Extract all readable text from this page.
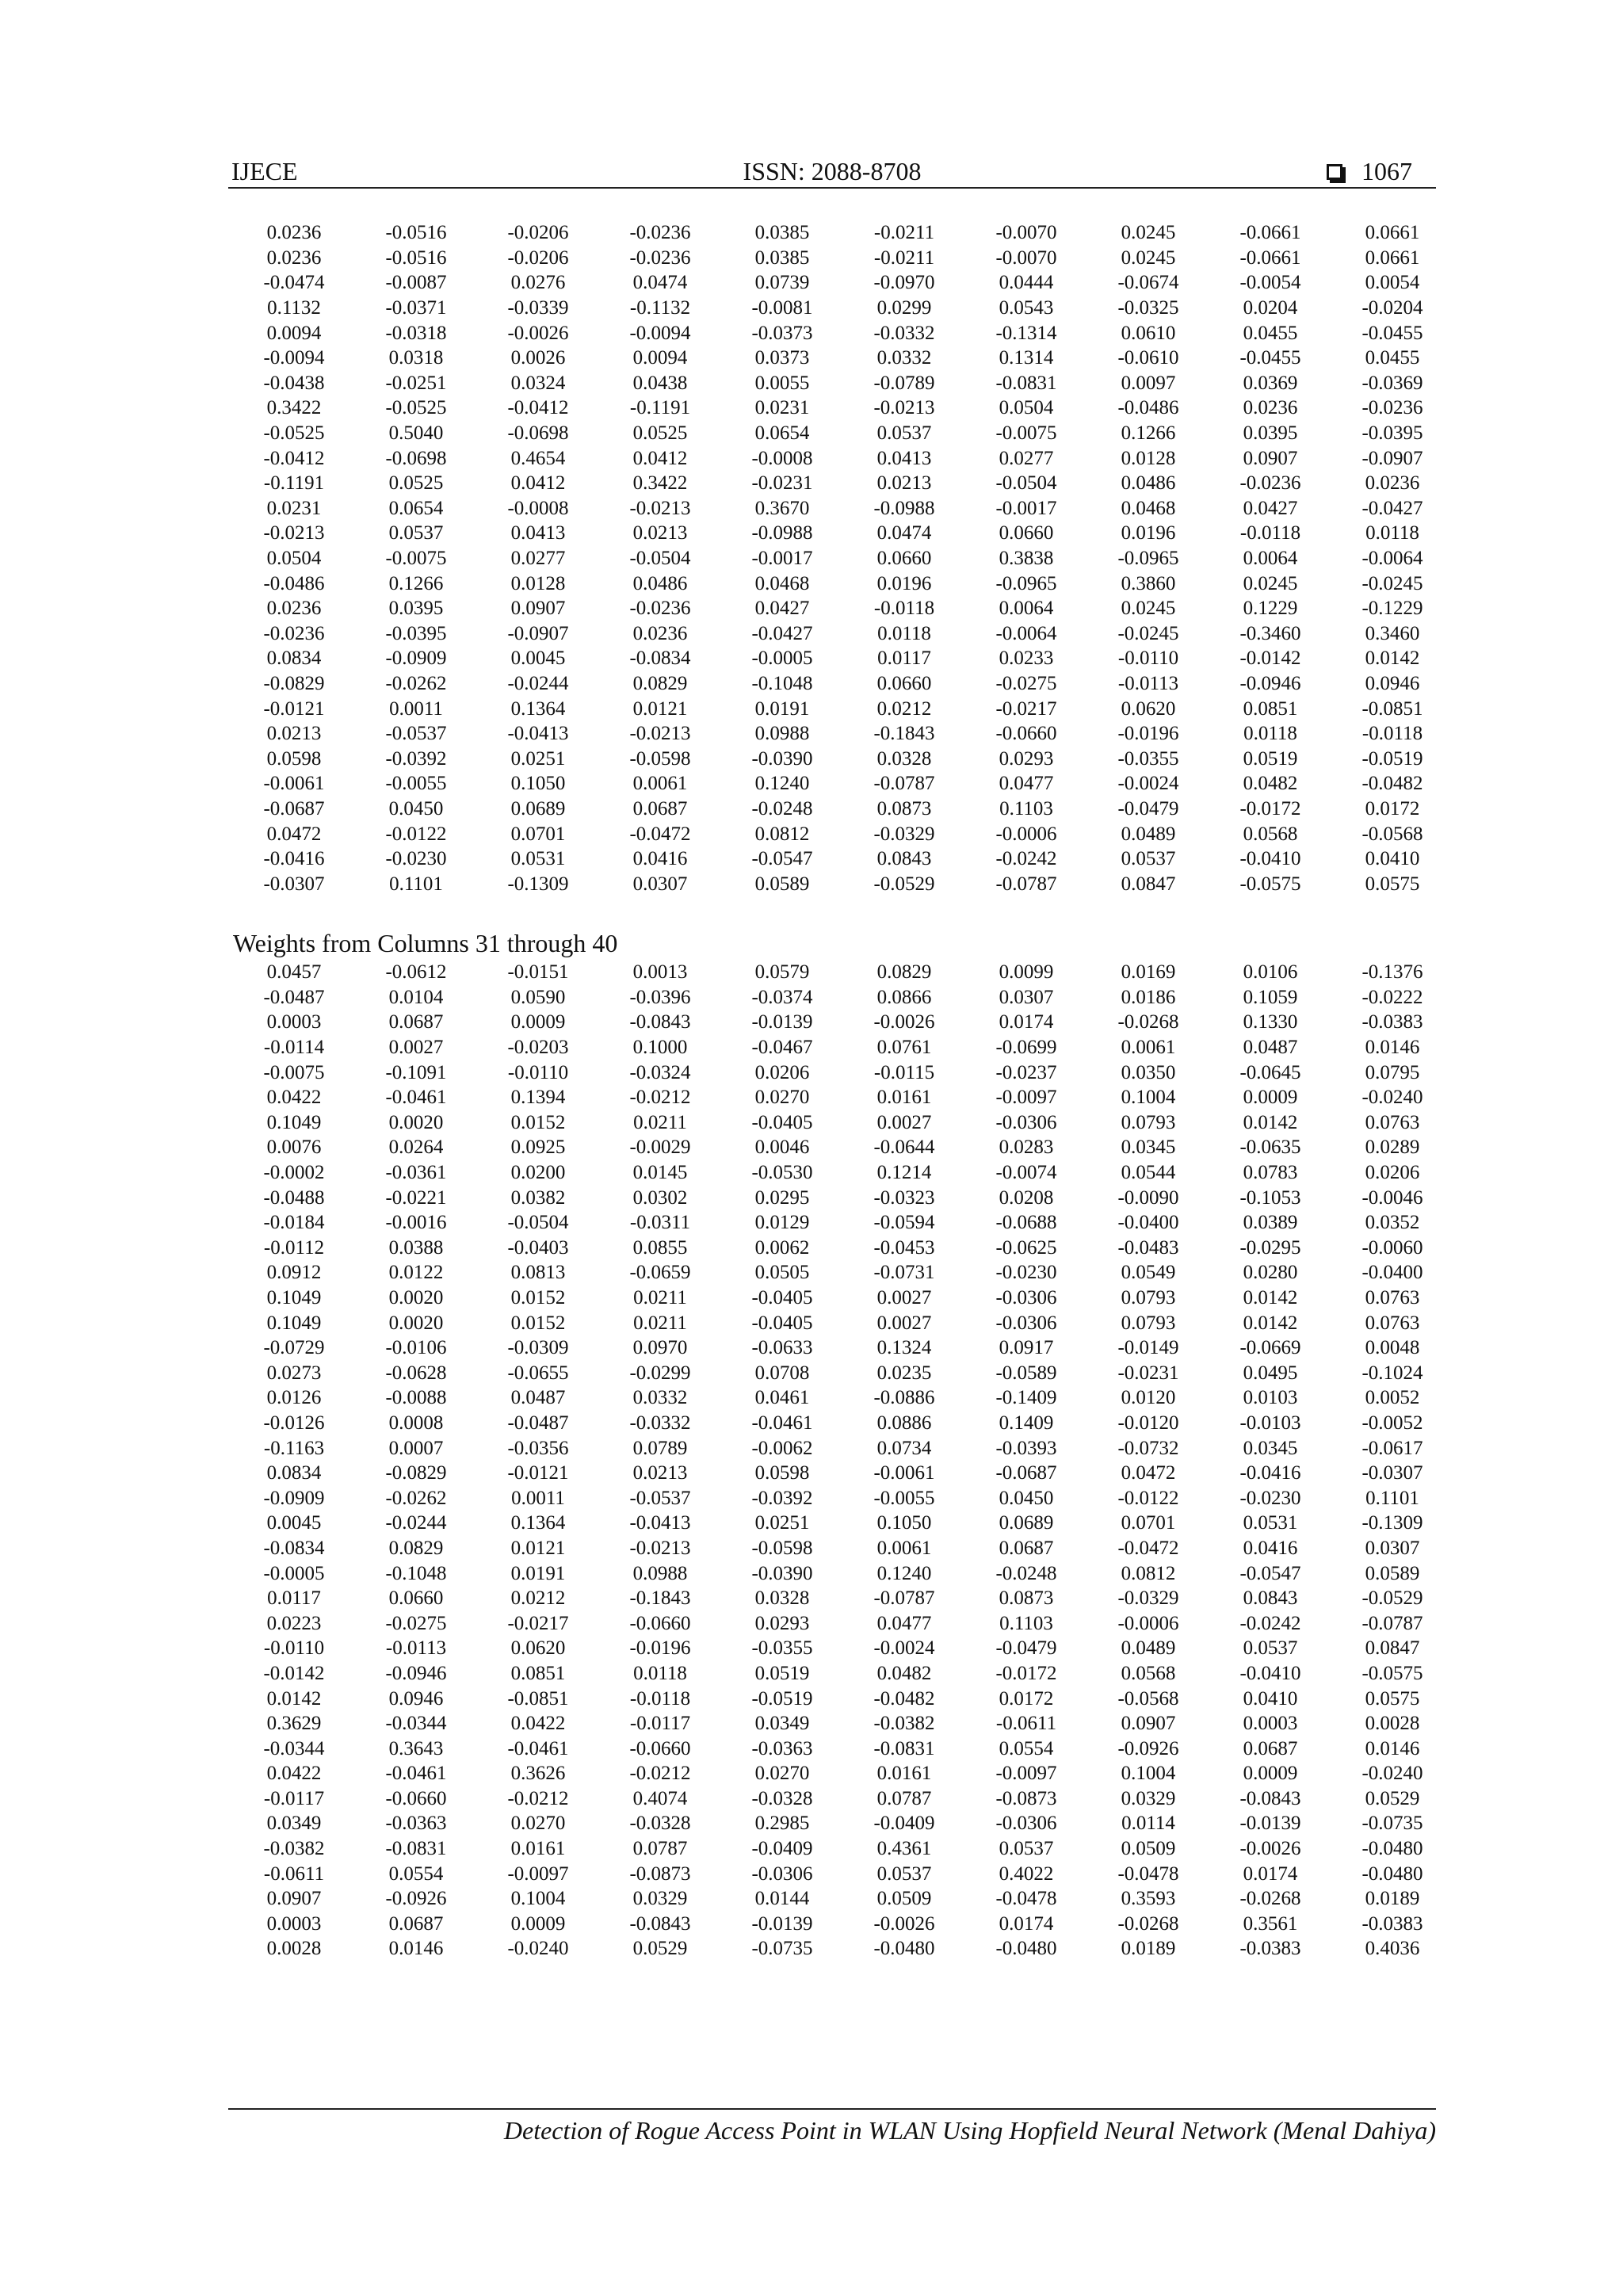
IJECE	ISSN: 2088-8708	1067
0.0236	-0.0516	-0.0206	-0.0236	0.0385	-0.0211	-0.0070	0.0245	-0.0661	0.0661
0.0236	-0.0516	-0.0206	-0.0236	0.0385	-0.0211	-0.0070	0.0245	-0.0661	0.0661
-0.0474	-0.0087	0.0276	0.0474	0.0739	-0.0970	0.0444	-0.0674	-0.0054	0.0054
0.1132	-0.0371	-0.0339	-0.1132	-0.0081	0.0299	0.0543	-0.0325	0.0204	-0.0204
0.0094	-0.0318	-0.0026	-0.0094	-0.0373	-0.0332	-0.1314	0.0610	0.0455	-0.0455
-0.0094	0.0318	0.0026	0.0094	0.0373	0.0332	0.1314	-0.0610	-0.0455	0.0455
-0.0438	-0.0251	0.0324	0.0438	0.0055	-0.0789	-0.0831	0.0097	0.0369	-0.0369
0.3422	-0.0525	-0.0412	-0.1191	0.0231	-0.0213	0.0504	-0.0486	0.0236	-0.0236
-0.0525	0.5040	-0.0698	0.0525	0.0654	0.0537	-0.0075	0.1266	0.0395	-0.0395
-0.0412	-0.0698	0.4654	0.0412	-0.0008	0.0413	0.0277	0.0128	0.0907	-0.0907
-0.1191	0.0525	0.0412	0.3422	-0.0231	0.0213	-0.0504	0.0486	-0.0236	0.0236
0.0231	0.0654	-0.0008	-0.0213	0.3670	-0.0988	-0.0017	0.0468	0.0427	-0.0427
-0.0213	0.0537	0.0413	0.0213	-0.0988	0.0474	0.0660	0.0196	-0.0118	0.0118
0.0504	-0.0075	0.0277	-0.0504	-0.0017	0.0660	0.3838	-0.0965	0.0064	-0.0064
-0.0486	0.1266	0.0128	0.0486	0.0468	0.0196	-0.0965	0.3860	0.0245	-0.0245
0.0236	0.0395	0.0907	-0.0236	0.0427	-0.0118	0.0064	0.0245	0.1229	-0.1229
-0.0236	-0.0395	-0.0907	0.0236	-0.0427	0.0118	-0.0064	-0.0245	-0.3460	0.3460
0.0834	-0.0909	0.0045	-0.0834	-0.0005	0.0117	0.0233	-0.0110	-0.0142	0.0142
-0.0829	-0.0262	-0.0244	0.0829	-0.1048	0.0660	-0.0275	-0.0113	-0.0946	0.0946
-0.0121	0.0011	0.1364	0.0121	0.0191	0.0212	-0.0217	0.0620	0.0851	-0.0851
0.0213	-0.0537	-0.0413	-0.0213	0.0988	-0.1843	-0.0660	-0.0196	0.0118	-0.0118
0.0598	-0.0392	0.0251	-0.0598	-0.0390	0.0328	0.0293	-0.0355	0.0519	-0.0519
-0.0061	-0.0055	0.1050	0.0061	0.1240	-0.0787	0.0477	-0.0024	0.0482	-0.0482
-0.0687	0.0450	0.0689	0.0687	-0.0248	0.0873	0.1103	-0.0479	-0.0172	0.0172
0.0472	-0.0122	0.0701	-0.0472	0.0812	-0.0329	-0.0006	0.0489	0.0568	-0.0568
-0.0416	-0.0230	0.0531	0.0416	-0.0547	0.0843	-0.0242	0.0537	-0.0410	0.0410
-0.0307	0.1101	-0.1309	0.0307	0.0589	-0.0529	-0.0787	0.0847	-0.0575	0.0575
Weights from Columns 31 through 40
0.0457	-0.0612	-0.0151	0.0013	0.0579	0.0829	0.0099	0.0169	0.0106	-0.1376
-0.0487	0.0104	0.0590	-0.0396	-0.0374	0.0866	0.0307	0.0186	0.1059	-0.0222
0.0003	0.0687	0.0009	-0.0843	-0.0139	-0.0026	0.0174	-0.0268	0.1330	-0.0383
-0.0114	0.0027	-0.0203	0.1000	-0.0467	0.0761	-0.0699	0.0061	0.0487	0.0146
-0.0075	-0.1091	-0.0110	-0.0324	0.0206	-0.0115	-0.0237	0.0350	-0.0645	0.0795
0.0422	-0.0461	0.1394	-0.0212	0.0270	0.0161	-0.0097	0.1004	0.0009	-0.0240
0.1049	0.0020	0.0152	0.0211	-0.0405	0.0027	-0.0306	0.0793	0.0142	0.0763
0.0076	0.0264	0.0925	-0.0029	0.0046	-0.0644	0.0283	0.0345	-0.0635	0.0289
-0.0002	-0.0361	0.0200	0.0145	-0.0530	0.1214	-0.0074	0.0544	0.0783	0.0206
-0.0488	-0.0221	0.0382	0.0302	0.0295	-0.0323	0.0208	-0.0090	-0.1053	-0.0046
-0.0184	-0.0016	-0.0504	-0.0311	0.0129	-0.0594	-0.0688	-0.0400	0.0389	0.0352
-0.0112	0.0388	-0.0403	0.0855	0.0062	-0.0453	-0.0625	-0.0483	-0.0295	-0.0060
0.0912	0.0122	0.0813	-0.0659	0.0505	-0.0731	-0.0230	0.0549	0.0280	-0.0400
0.1049	0.0020	0.0152	0.0211	-0.0405	0.0027	-0.0306	0.0793	0.0142	0.0763
0.1049	0.0020	0.0152	0.0211	-0.0405	0.0027	-0.0306	0.0793	0.0142	0.0763
-0.0729	-0.0106	-0.0309	0.0970	-0.0633	0.1324	0.0917	-0.0149	-0.0669	0.0048
0.0273	-0.0628	-0.0655	-0.0299	0.0708	0.0235	-0.0589	-0.0231	0.0495	-0.1024
0.0126	-0.0088	0.0487	0.0332	0.0461	-0.0886	-0.1409	0.0120	0.0103	0.0052
-0.0126	0.0008	-0.0487	-0.0332	-0.0461	0.0886	0.1409	-0.0120	-0.0103	-0.0052
-0.1163	0.0007	-0.0356	0.0789	-0.0062	0.0734	-0.0393	-0.0732	0.0345	-0.0617
0.0834	-0.0829	-0.0121	0.0213	0.0598	-0.0061	-0.0687	0.0472	-0.0416	-0.0307
-0.0909	-0.0262	0.0011	-0.0537	-0.0392	-0.0055	0.0450	-0.0122	-0.0230	0.1101
0.0045	-0.0244	0.1364	-0.0413	0.0251	0.1050	0.0689	0.0701	0.0531	-0.1309
-0.0834	0.0829	0.0121	-0.0213	-0.0598	0.0061	0.0687	-0.0472	0.0416	0.0307
-0.0005	-0.1048	0.0191	0.0988	-0.0390	0.1240	-0.0248	0.0812	-0.0547	0.0589
0.0117	0.0660	0.0212	-0.1843	0.0328	-0.0787	0.0873	-0.0329	0.0843	-0.0529
0.0223	-0.0275	-0.0217	-0.0660	0.0293	0.0477	0.1103	-0.0006	-0.0242	-0.0787
-0.0110	-0.0113	0.0620	-0.0196	-0.0355	-0.0024	-0.0479	0.0489	0.0537	0.0847
-0.0142	-0.0946	0.0851	0.0118	0.0519	0.0482	-0.0172	0.0568	-0.0410	-0.0575
0.0142	0.0946	-0.0851	-0.0118	-0.0519	-0.0482	0.0172	-0.0568	0.0410	0.0575
0.3629	-0.0344	0.0422	-0.0117	0.0349	-0.0382	-0.0611	0.0907	0.0003	0.0028
-0.0344	0.3643	-0.0461	-0.0660	-0.0363	-0.0831	0.0554	-0.0926	0.0687	0.0146
0.0422	-0.0461	0.3626	-0.0212	0.0270	0.0161	-0.0097	0.1004	0.0009	-0.0240
-0.0117	-0.0660	-0.0212	0.4074	-0.0328	0.0787	-0.0873	0.0329	-0.0843	0.0529
0.0349	-0.0363	0.0270	-0.0328	0.2985	-0.0409	-0.0306	0.0114	-0.0139	-0.0735
-0.0382	-0.0831	0.0161	0.0787	-0.0409	0.4361	0.0537	0.0509	-0.0026	-0.0480
-0.0611	0.0554	-0.0097	-0.0873	-0.0306	0.0537	0.4022	-0.0478	0.0174	-0.0480
0.0907	-0.0926	0.1004	0.0329	0.0144	0.0509	-0.0478	0.3593	-0.0268	0.0189
0.0003	0.0687	0.0009	-0.0843	-0.0139	-0.0026	0.0174	-0.0268	0.3561	-0.0383
0.0028	0.0146	-0.0240	0.0529	-0.0735	-0.0480	-0.0480	0.0189	-0.0383	0.4036
Detection of Rogue Access Point in WLAN Using Hopfield Neural Network (Menal Dahiya)
